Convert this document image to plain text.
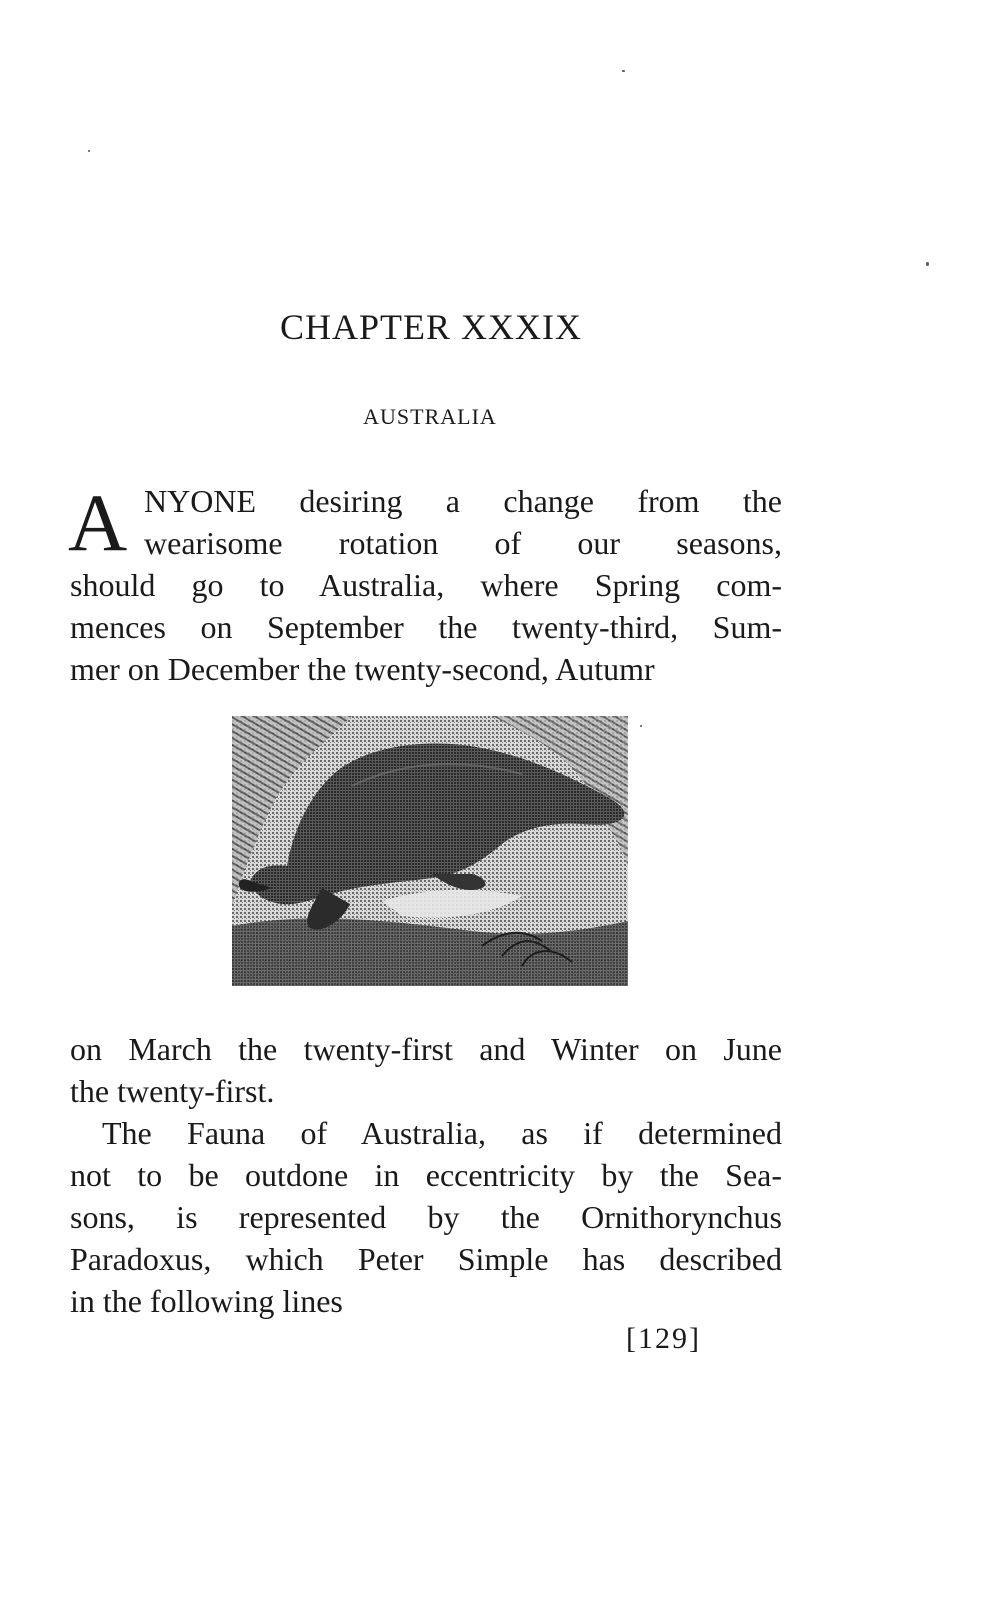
CHAPTER XXXIX
AUSTRALIA
A NYONE desiring a change from the
wearisome rotation of our seasons,
should go to Australia, where Spring com-
mences on September the twenty-third, Sum-
mer on December the twenty-second, Autumr
on March the twenty-first and Winter on June
the twenty-first.
The Fauna of Australia, as if determined
not to be outdone in eccentricity by the Sea-
sons, is represented by the Ornithorynchus
Paradoxus, which Peter Simple has described
in the following lines
[129]
